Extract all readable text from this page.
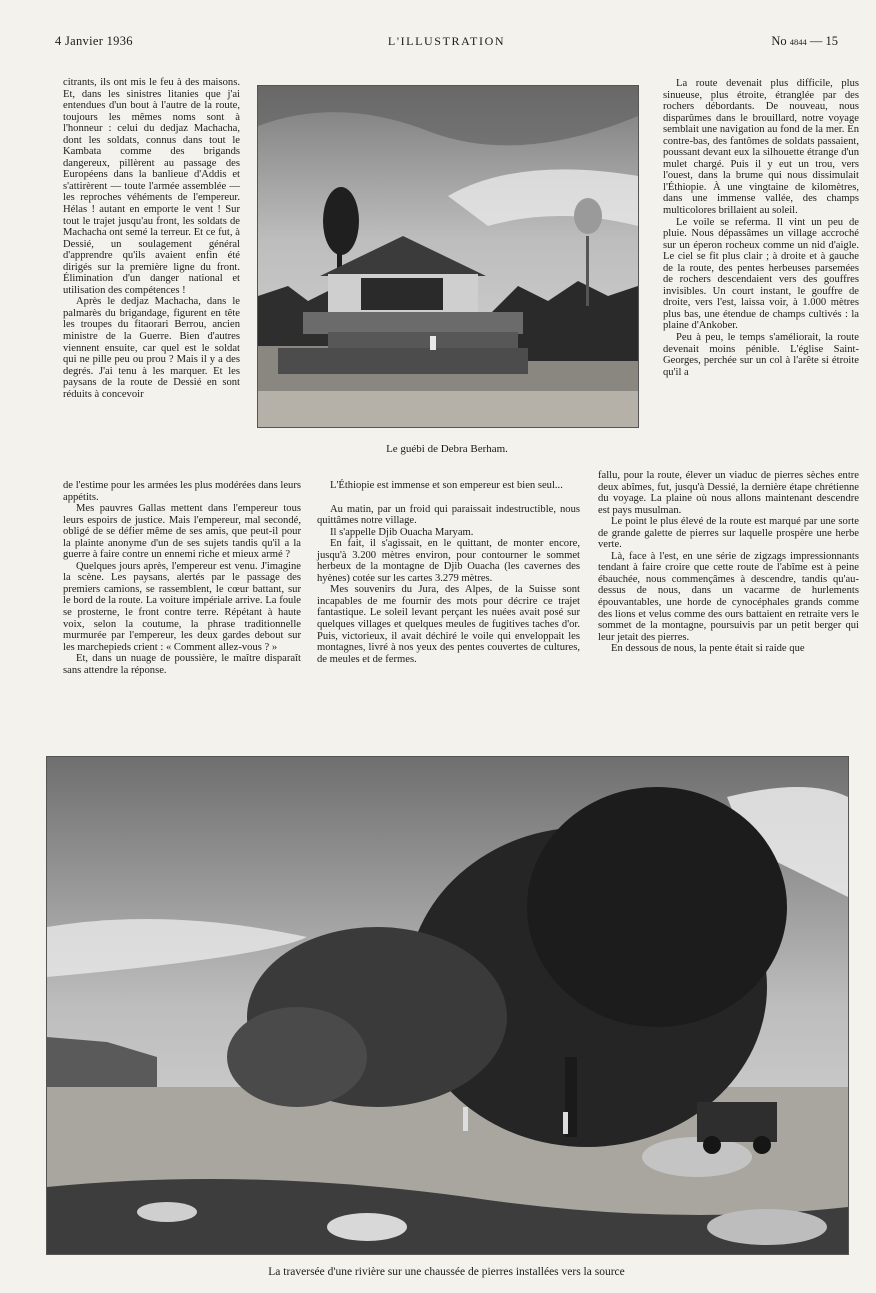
4 Janvier 1936	L'ILLUSTRATION	No 4844 — 15

citrants, ils ont mis le feu à des maisons. Et, dans les sinistres litanies que j'ai entendues d'un bout à l'autre de la route, toujours les mêmes noms sont à l'honneur : celui du dedjaz Machacha, dont les soldats, connus dans tout le Kambata comme des brigands dangereux, pillèrent au passage des Européens dans la banlieue d'Addis et s'attirèrent — toute l'armée assemblée — les reproches véhéments de l'empereur. Hélas ! autant en emporte le vent ! Sur tout le trajet jusqu'au front, les soldats de Machacha ont semé la terreur. Et ce fut, à Dessié, un soulagement général d'apprendre qu'ils avaient enfin été dirigés sur la première ligne du front. Élimination d'un danger national et utilisation des compétences !

Après le dedjaz Machacha, dans le palmarès du brigandage, figurent en tête les troupes du fitaorari Berrou, ancien ministre de la Guerre. Bien d'autres viennent ensuite, car quel est le soldat qui ne pille peu ou prou ? Mais il y a des degrés. J'ai tenu à les marquer. Et les paysans de la route de Dessié en sont réduits à concevoir

Le guébi de Debra Berham.

La route devenait plus difficile, plus sinueuse, plus étroite, étranglée par des rochers débordants. De nouveau, nous disparûmes dans le brouillard, notre voyage semblait une navigation au fond de la mer. En contre-bas, des fantômes de soldats passaient, poussant devant eux la silhouette étrange d'un mulet chargé. Puis il y eut un trou, vers l'ouest, dans la brume qui nous dissimulait l'Éthiopie. À une vingtaine de kilomètres, dans une immense vallée, des champs multicolores brillaient au soleil.

Le voile se referma. Il vint un peu de pluie. Nous dépassâmes un village accroché sur un éperon rocheux comme un nid d'aigle. Le ciel se fit plus clair ; à droite et à gauche de la route, des pentes herbeuses parsemées de rochers descendaient vers des gouffres invisibles. Un court instant, le gouffre de droite, vers l'est, laissa voir, à 1.000 mètres plus bas, une étendue de champs cultivés : la plaine d'Ankober.

Peu à peu, le temps s'améliorait, la route devenait moins pénible. L'église Saint-Georges, perchée sur un col à l'arête si étroite qu'il a

de l'estime pour les armées les plus modérées dans leurs appétits.

Mes pauvres Gallas mettent dans l'empereur tous leurs espoirs de justice. Mais l'empereur, mal secondé, obligé de se défier même de ses amis, que peut-il pour la plainte anonyme d'un de ses sujets tandis qu'il a la guerre à faire contre un ennemi riche et mieux armé ?

Quelques jours après, l'empereur est venu. J'imagine la scène. Les paysans, alertés par le passage des premiers camions, se rassemblent, le cœur battant, sur le bord de la route. La voiture impériale arrive. La foule se prosterne, le front contre terre. Répétant à haute voix, selon la coutume, la phrase traditionnelle murmurée par l'empereur, les deux gardes debout sur les marchepieds crient : « Comment allez-vous ? »

Et, dans un nuage de poussière, le maître disparaît sans attendre la réponse.

L'Éthiopie est immense et son empereur est bien seul...

Au matin, par un froid qui paraissait indestructible, nous quittâmes notre village.

Il s'appelle Djib Ouacha Maryam.

En fait, il s'agissait, en le quittant, de monter encore, jusqu'à 3.200 mètres environ, pour contourner le sommet herbeux de la montagne de Djib Ouacha (les cavernes des hyènes) cotée sur les cartes 3.279 mètres.

Mes souvenirs du Jura, des Alpes, de la Suisse sont incapables de me fournir des mots pour décrire ce trajet fantastique. Le soleil levant perçant les nuées avait posé sur quelques villages et quelques meules de fugitives taches d'or. Puis, victorieux, il avait déchiré le voile qui enveloppait les montagnes, livré à nos yeux des pentes couvertes de cultures, de meules et de fermes.

fallu, pour la route, élever un viaduc de pierres sèches entre deux abîmes, fut, jusqu'à Dessié, la dernière étape chrétienne du voyage. La plaine où nous allons maintenant descendre est pays musulman.

Le point le plus élevé de la route est marqué par une sorte de grande galette de pierres sur laquelle prospère une herbe verte.

Là, face à l'est, en une série de zigzags impressionnants tendant à faire croire que cette route de l'abîme est à peine ébauchée, nous commençâmes à descendre, tandis qu'au-dessus de nous, dans un vacarme de hurlements épouvantables, une horde de cynocéphales grands comme des lions et velus comme des ours battaient en retraite vers le sommet de la montagne, poursuivis par un petit berger qui leur jetait des pierres.

En dessous de nous, la pente était si raide que

La traversée d'une rivière sur une chaussée de pierres installées vers la source
